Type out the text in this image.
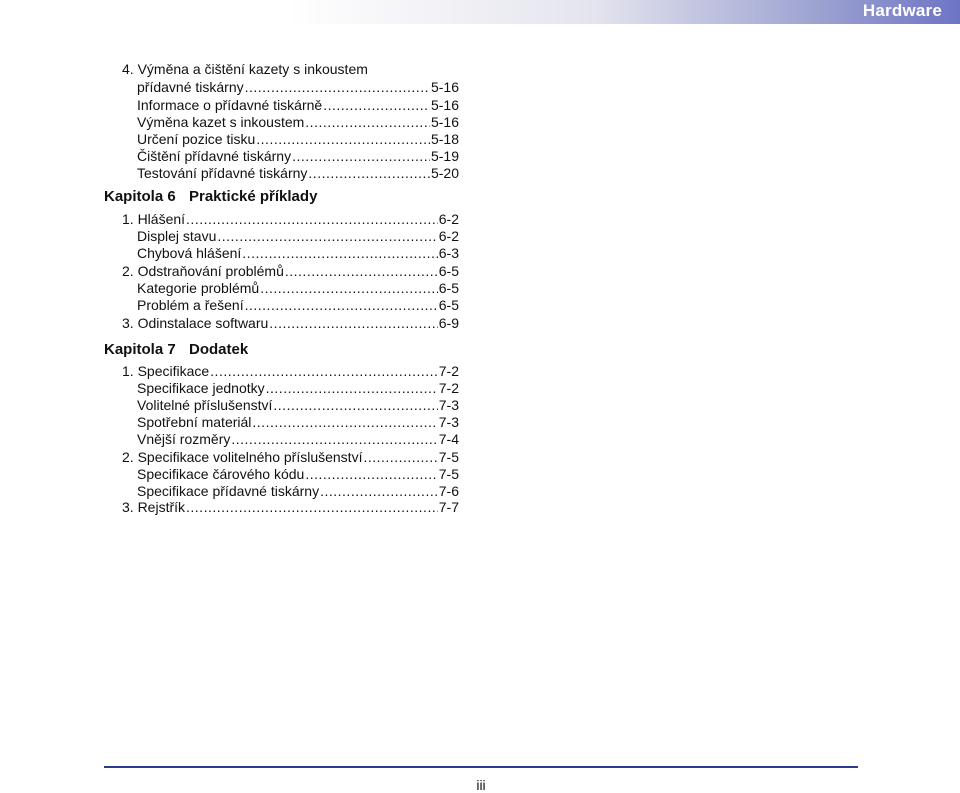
Hardware
4. Výměna a čištění kazety s inkoustem
přídavné tiskárny .....	5-16
Informace o přídavné tiskárně .....	5-16
Výměna kazet s inkoustem .....	5-16
Určení pozice tisku .....	5-18
Čištění přídavné tiskárny .....	5-19
Testování přídavné tiskárny .....	5-20
Kapitola 6 Praktické příklady
1. Hlášení .....	6-2
Displej stavu .....	6-2
Chybová hlášení .....	6-3
2. Odstraňování problémů .....	6-5
Kategorie problémů .....	6-5
Problém a řešení .....	6-5
3. Odinstalace softwaru .....	6-9
Kapitola 7 Dodatek
1. Specifikace .....	7-2
Specifikace jednotky .....	7-2
Volitelné příslušenství .....	7-3
Spotřební materiál .....	7-3
Vnější rozměry .....	7-4
2. Specifikace volitelného příslušenství .....	7-5
Specifikace čárového kódu .....	7-5
Specifikace přídavné tiskárny .....	7-6
3. Rejstřík .....	7-7
iii
